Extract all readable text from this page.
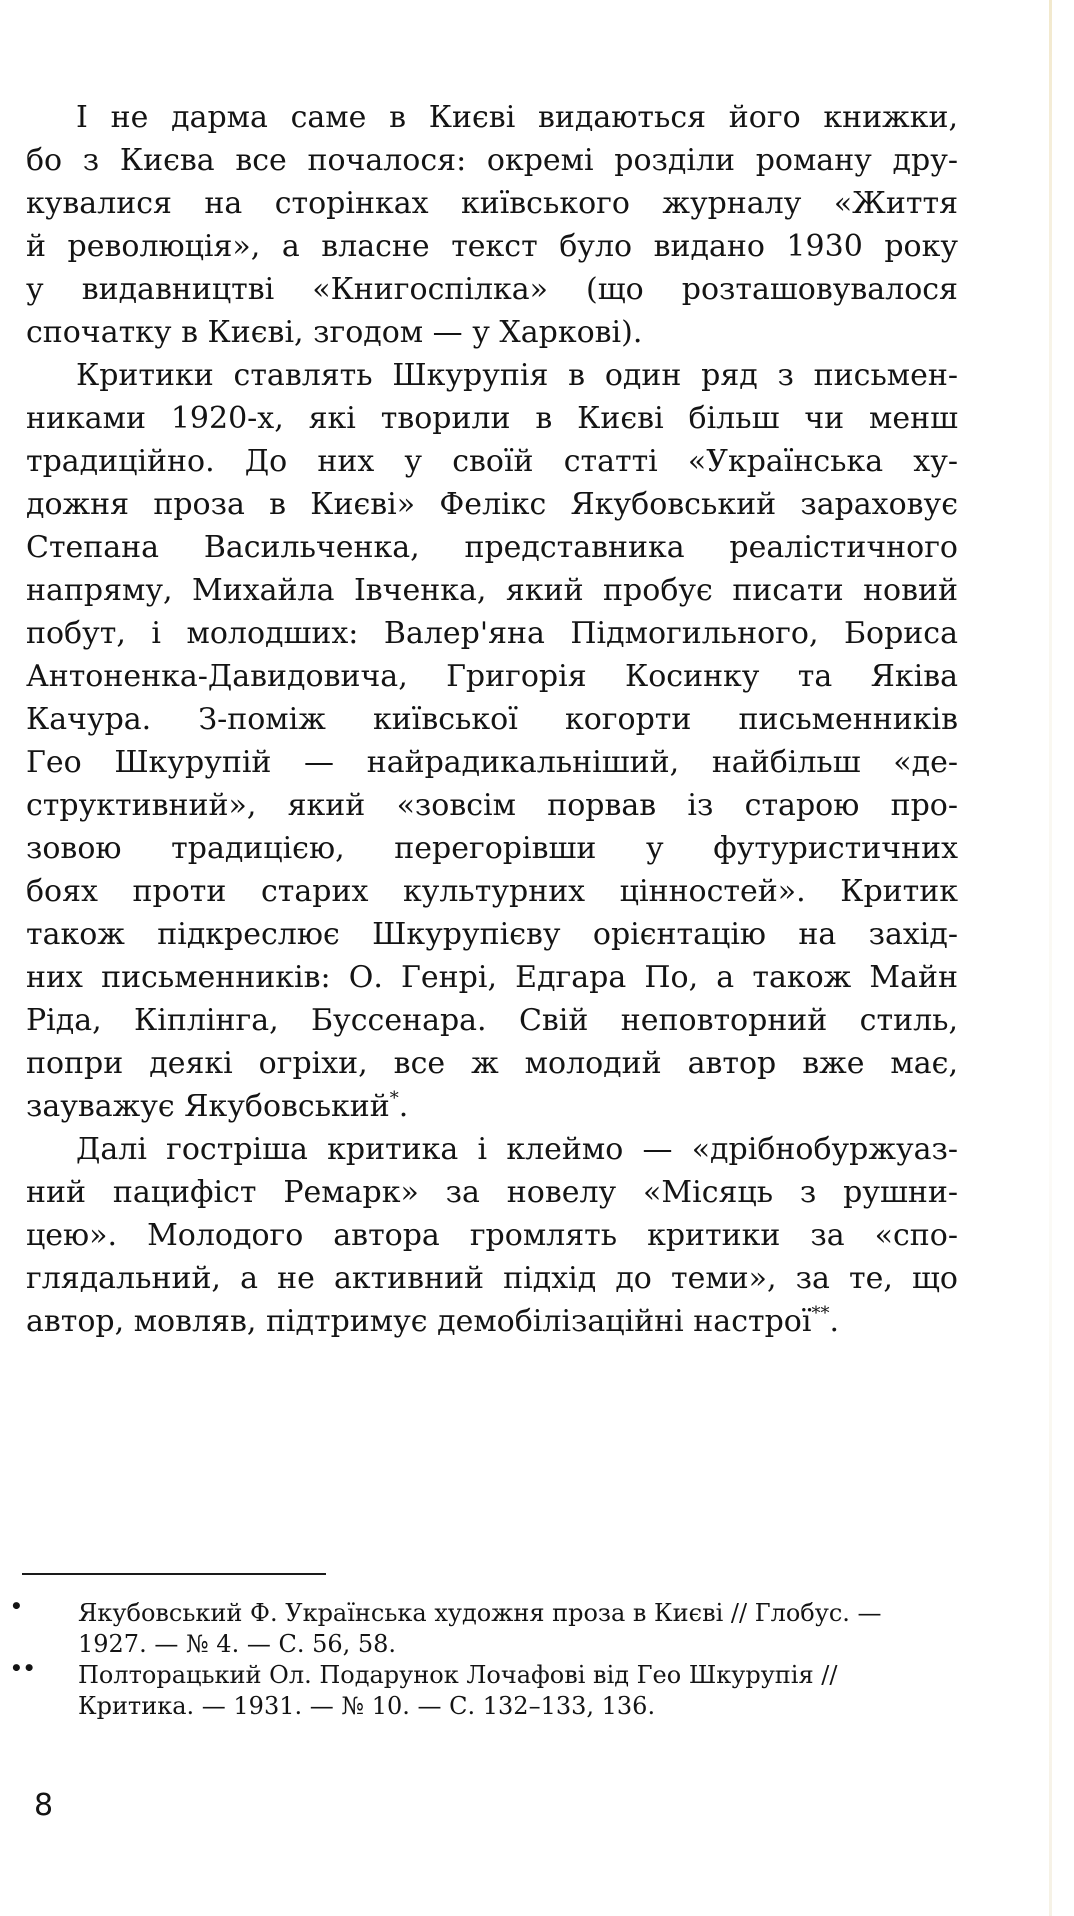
І не дарма саме в Києві видаються його книжки,
бо з Києва все почалося: окремі розділи роману дру-
кувалися на сторінках київського журналу «Життя
й революція», а власне текст було видано 1930 року
у видавництві «Книгоспілка» (що розташовувалося
спочатку в Києві, згодом — у Харкові).
Критики ставлять Шкурупія в один ряд з письмен-
никами 1920-х, які творили в Києві більш чи менш
традиційно. До них у своїй статті «Українська ху-
дожня проза в Києві» Фелікс Якубовський зараховує
Степана Васильченка, представника реалістичного
напряму, Михайла Івченка, який пробує писати новий
побут, і молодших: Валер'яна Підмогильного, Бориса
Антоненка-Давидовича, Григорія Косинку та Яківа
Качура. З-поміж київської когорти письменників
Гео Шкурупій — найрадикальніший, найбільш «де-
структивний», який «зовсім порвав із старою про-
зовою традицією, перегорівши у футуристичних
боях проти старих культурних цінностей». Критик
також підкреслює Шкурупієву орієнтацію на захід-
них письменників: О. Генрі, Едгара По, а також Майн
Ріда, Кіплінга, Буссенара. Свій неповторний стиль,
попри деякі огріхи, все ж молодий автор вже має,
зауважує Якубовський*.
Далі гостріша критика і клеймо — «дрібнобуржуаз-
ний пацифіст Ремарк» за новелу «Місяць з рушни-
цею». Молодого автора громлять критики за «спо-
глядальний, а не активний підхід до теми», за те, що
автор, мовляв, підтримує демобілізаційні настрої**.
• Якубовський Ф. Українська художня проза в Києві // Глобус. —
1927. — № 4. — С. 56, 58.
•• Полторацький Ол. Подарунок Лочафові від Гео Шкурупія //
Критика. — 1931. — № 10. — С. 132–133, 136.
8
